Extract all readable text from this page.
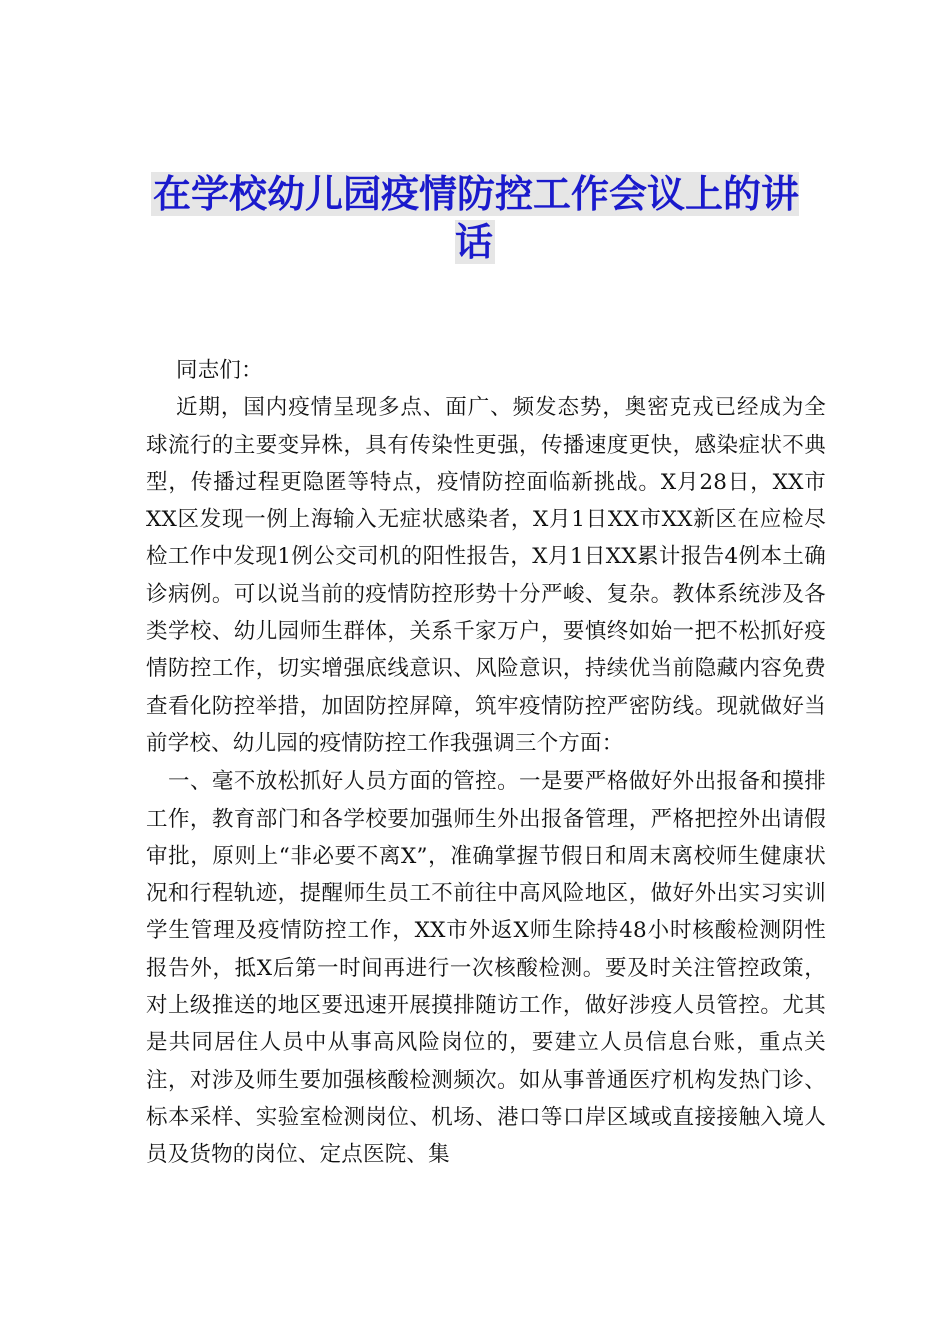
在学校幼儿园疫情防控工作会议上的讲话

同志们：

近期，国内疫情呈现多点、面广、频发态势，奥密克戎已经成为全球流行的主要变异株，具有传染性更强，传播速度更快，感染症状不典型，传播过程更隐匿等特点，疫情防控面临新挑战。X月28日，XX市XX区发现一例上海输入无症状感染者，X月1日XX市XX新区在应检尽检工作中发现1例公交司机的阳性报告，X月1日XX累计报告4例本土确诊病例。可以说当前的疫情防控形势十分严峻、复杂。教体系统涉及各类学校、幼儿园师生群体，关系千家万户，要慎终如始一把不松抓好疫情防控工作，切实增强底线意识、风险意识，持续优当前隐藏内容免费查看化防控举措，加固防控屏障，筑牢疫情防控严密防线。现就做好当前学校、幼儿园的疫情防控工作我强调三个方面：

一、毫不放松抓好人员方面的管控。一是要严格做好外出报备和摸排工作，教育部门和各学校要加强师生外出报备管理，严格把控外出请假审批，原则上“非必要不离X”，准确掌握节假日和周末离校师生健康状况和行程轨迹，提醒师生员工不前往中高风险地区，做好外出实习实训学生管理及疫情防控工作，XX市外返X师生除持48小时核酸检测阴性报告外，抵X后第一时间再进行一次核酸检测。要及时关注管控政策，对上级推送的地区要迅速开展摸排随访工作，做好涉疫人员管控。尤其是共同居住人员中从事高风险岗位的，要建立人员信息台账，重点关注，对涉及师生要加强核酸检测频次。如从事普通医疗机构发热门诊、标本采样、实验室检测岗位、机场、港口等口岸区域或直接接触入境人员及货物的岗位、定点医院、集
